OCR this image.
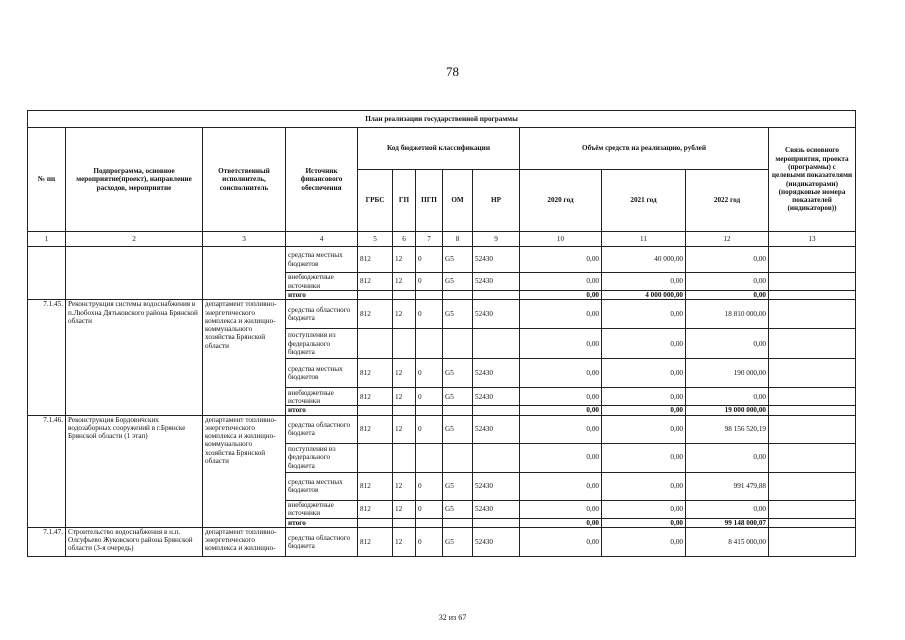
78
План реализации государственной программы												
№ пп	Подпрограмма, основное мероприятие(проект), направление расходов, мероприятие	Ответственный исполнитель, соисполнитель	Источник финансового обеспечения	Код бюджетной классификации					Объём средств на реализацию, рублей			Связь основного мероприятия, проекта (программы) с целевыми показателями (индикаторами) (порядковые номера показателей (индикаторов))
				ГРБС	ГП	ПГП	ОМ	НР	2020 год	2021 год	2022 год	
1	2	3	4	5	6	7	8	9	10	11	12	13
			средства местных бюджетов	812	12	0	G5	52430	0,00	40 000,00	0,00	
			внебюджетные источники	812	12	0	G5	52430	0,00	0,00	0,00	
			итого						0,00	4 000 000,00	0,00	
7.1.45.	Реконструкция системы водоснабжения в п.Любохна Дятьковского района Брянской области	департамент топливно-энергетического комплекса и жилищно-коммунального хозяйства Брянской области	средства областного бюджета	812	12	0	G5	52430	0,00	0,00	18 810 000,00	
			поступления из федерального бюджета						0,00	0,00	0,00	
			средства местных бюджетов	812	12	0	G5	52430	0,00	0,00	190 000,00	
			внебюджетные источники	812	12	0	G5	52430	0,00	0,00	0,00	
			итого						0,00	0,00	19 000 000,00	
7.1.46.	Реконструкция Бордовичских водозаборных сооружений в г.Брянске Брянской области (1 этап)	департамент топливно-энергетического комплекса и жилищно-коммунального хозяйства Брянской области	средства областного бюджета	812	12	0	G5	52430	0,00	0,00	98 156 520,19	
			поступления из федерального бюджета						0,00	0,00	0,00	
			средства местных бюджетов	812	12	0	G5	52430	0,00	0,00	991 479,88	
			внебюджетные источники	812	12	0	G5	52430	0,00	0,00	0,00	
			итого						0,00	0,00	99 148 000,07	
7.1.47.	Строительство водоснабжения в н.п. Олсуфьево Жуковского района Брянской области (3-я очередь)	департамент топливно-энергетического комплекса и жилищно-	средства областного бюджета	812	12	0	G5	52430	0,00	0,00	8 415 000,00	
32 из 67
